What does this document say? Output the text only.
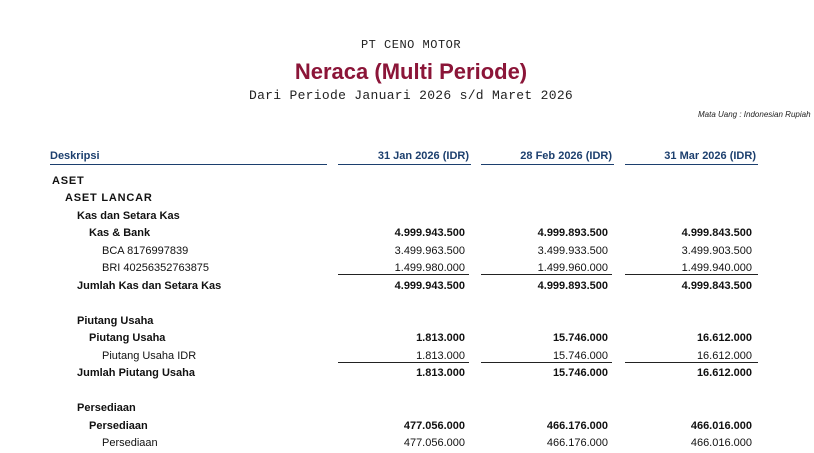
PT CENO MOTOR
Neraca (Multi Periode)
Dari Periode Januari 2026 s/d Maret 2026
Mata Uang : Indonesian Rupiah
Deskripsi	31 Jan 2026 (IDR)	28 Feb 2026 (IDR)	31 Mar 2026 (IDR)
ASET
ASET LANCAR
Kas dan Setara Kas
Kas & Bank	4.999.943.500	4.999.893.500	4.999.843.500
BCA 8176997839	3.499.963.500	3.499.933.500	3.499.903.500
BRI 40256352763875	1.499.980.000	1.499.960.000	1.499.940.000
Jumlah Kas dan Setara Kas	4.999.943.500	4.999.893.500	4.999.843.500
Piutang Usaha
Piutang Usaha	1.813.000	15.746.000	16.612.000
Piutang Usaha IDR	1.813.000	15.746.000	16.612.000
Jumlah Piutang Usaha	1.813.000	15.746.000	16.612.000
Persediaan
Persediaan	477.056.000	466.176.000	466.016.000
Persediaan	477.056.000	466.176.000	466.016.000
